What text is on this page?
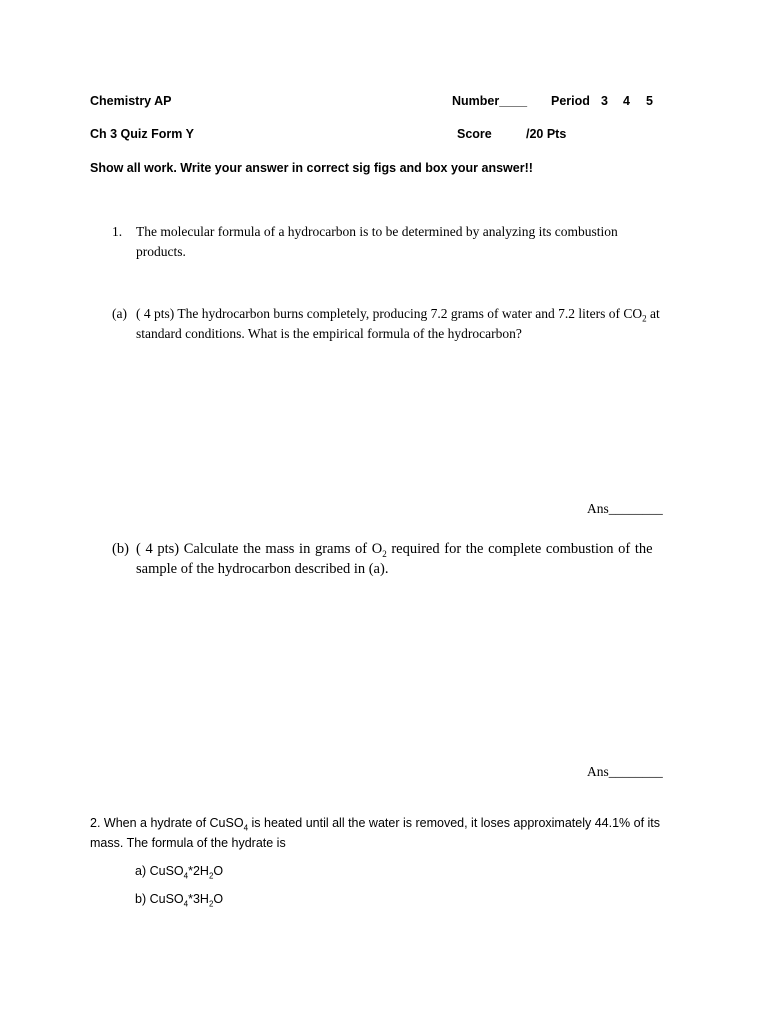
Chemistry AP	Number____ Period 3 4 5
Ch 3 Quiz Form Y	Score	/20 Pts
Show all work. Write your answer in correct sig figs and box your answer!!
1. The molecular formula of a hydrocarbon is to be determined by analyzing its combustion products.
(a) ( 4 pts) The hydrocarbon burns completely, producing 7.2 grams of water and 7.2 liters of $CO_2$ at
standard conditions. What is the empirical formula of the hydrocarbon?
Ans________
(b) ( 4 pts) Calculate the mass in grams of $O_2$ required for the complete combustion of the
sample of the hydrocarbon described in (a).
Ans________
2. When a hydrate of CuSO$_4$ is heated until all the water is removed, it loses approximately 44.1% of its
mass. The formula of the hydrate is
a) $CuSO_4*2H_2O$
b) $CuSO_4*3H_2O$
